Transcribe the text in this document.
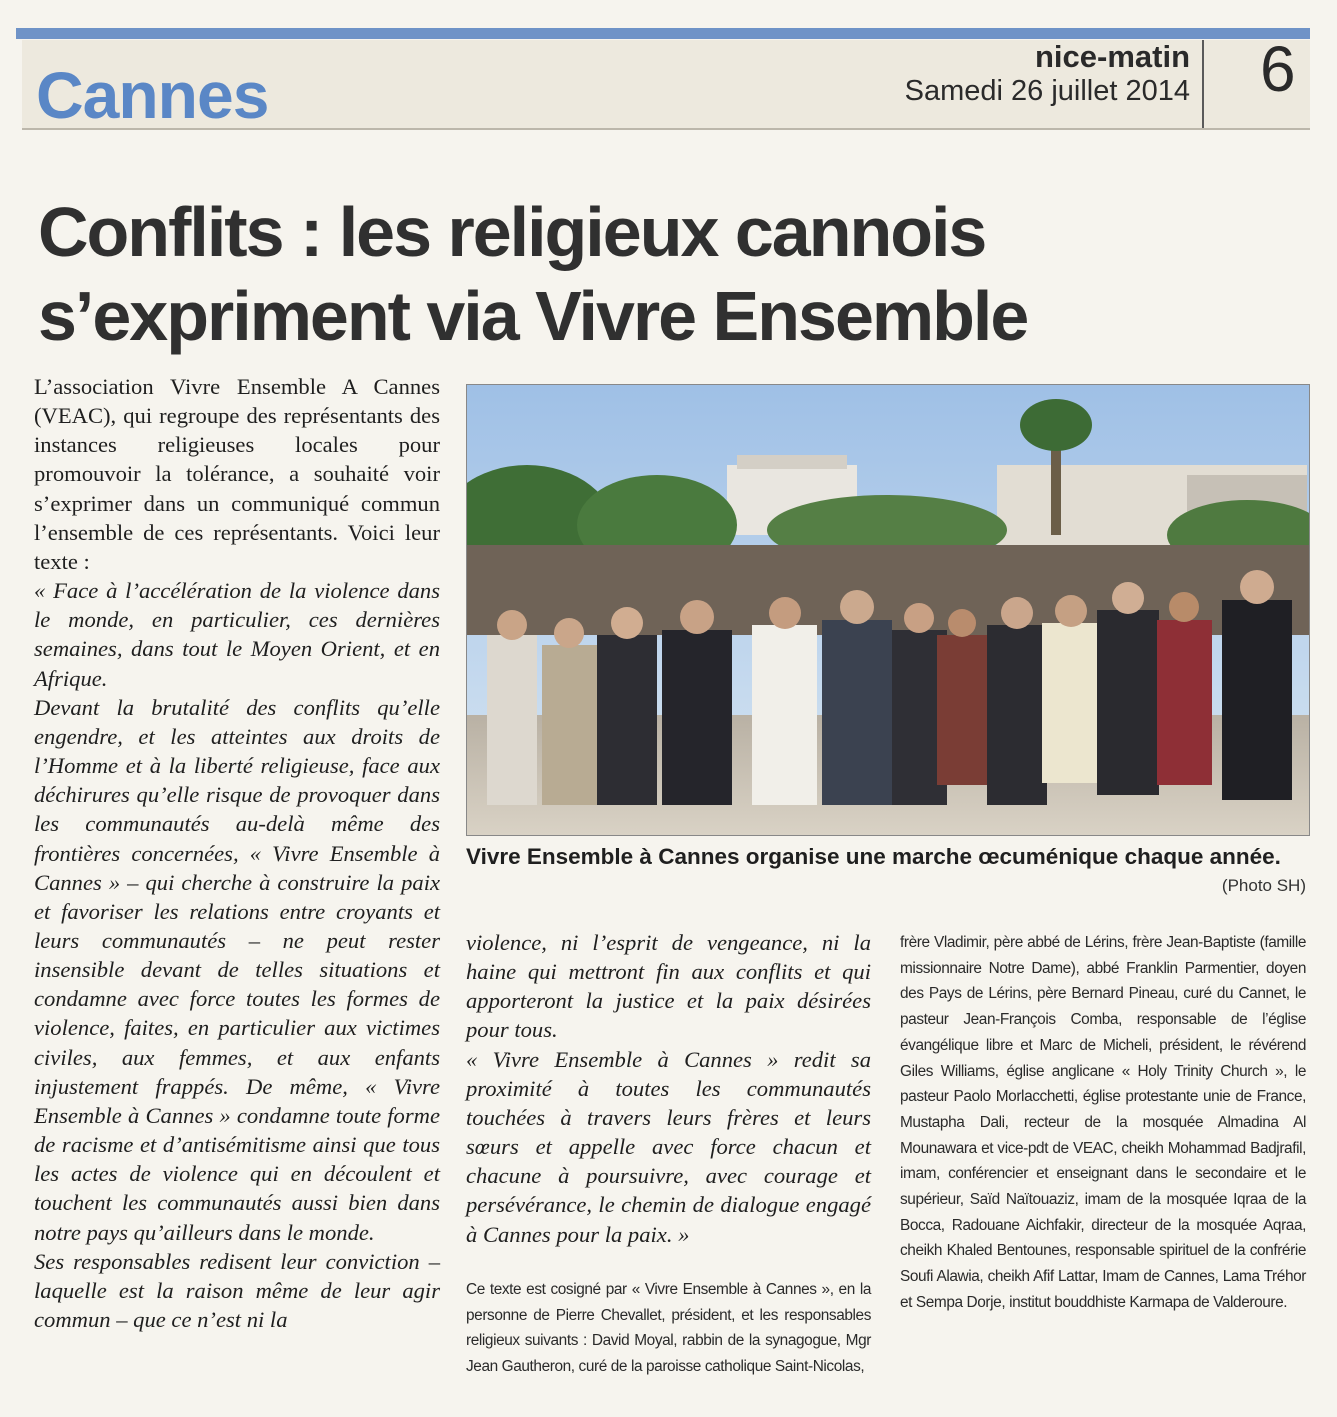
Cannes
nice-matin
Samedi 26 juillet 2014 6
Conflits : les religieux cannois
s’expriment via Vivre Ensemble

L’association Vivre Ensemble A Cannes (VEAC), qui regroupe des représentants des instances religieuses locales pour promouvoir la tolérance, a souhaité voir s’exprimer dans un communiqué commun l’ensemble de ces représentants. Voici leur texte :

« Face à l’accélération de la violence dans le monde, en particulier, ces dernières semaines, dans tout le Moyen Orient, et en Afrique.

Devant la brutalité des conflits qu’elle engendre, et les atteintes aux droits de l’Homme et à la liberté religieuse, face aux déchirures qu’elle risque de provoquer dans les communautés au-delà même des frontières concernées, « Vivre Ensemble à Cannes » – qui cherche à construire la paix et favoriser les relations entre croyants et leurs communautés – ne peut rester insensible devant de telles situations et condamne avec force toutes les formes de violence, faites, en particulier aux victimes civiles, aux femmes, et aux enfants injustement frappés. De même, « Vivre Ensemble à Cannes » condamne toute forme de racisme et d’antisémitisme ainsi que tous les actes de violence qui en découlent et touchent les communautés aussi bien dans notre pays qu’ailleurs dans le monde.

Ses responsables redisent leur conviction – laquelle est la raison même de leur agir commun – que ce n’est ni la

Vivre Ensemble à Cannes organise une marche œcuménique chaque année.
(Photo SH)

violence, ni l’esprit de vengeance, ni la haine qui mettront fin aux conflits et qui apporteront la justice et la paix désirées pour tous.

« Vivre Ensemble à Cannes » redit sa proximité à toutes les communautés touchées à travers leurs frères et leurs sœurs et appelle avec force chacun et chacune à poursuivre, avec courage et persévérance, le chemin de dialogue engagé à Cannes pour la paix. »

Ce texte est cosigné par « Vivre Ensemble à Cannes », en la personne de Pierre Chevallet, président, et les responsables religieux suivants : David Moyal, rabbin de la synagogue, Mgr Jean Gautheron, curé de la paroisse catholique Saint-Nicolas,
frère Vladimir, père abbé de Lérins, frère Jean-Baptiste (famille missionnaire Notre Dame), abbé Franklin Parmentier, doyen des Pays de Lérins, père Bernard Pineau, curé du Cannet, le pasteur Jean-François Comba, responsable de l’église évangélique libre et Marc de Micheli, président, le révérend Giles Williams, église anglicane « Holy Trinity Church », le pasteur Paolo Morlacchetti, église protestante unie de France, Mustapha Dali, recteur de la mosquée Almadina Al Mounawara et vice-pdt de VEAC, cheikh Mohammad Badjrafil, imam, conférencier et enseignant dans le secondaire et le supérieur, Saïd Naïtouaziz, imam de la mosquée Iqraa de la Bocca, Radouane Aichfakir, directeur de la mosquée Aqraa, cheikh Khaled Bentounes, responsable spirituel de la confrérie Soufi Alawia, cheikh Afif Lattar, Imam de Cannes, Lama Tréhor et Sempa Dorje, institut bouddhiste Karmapa de Valderoure.
